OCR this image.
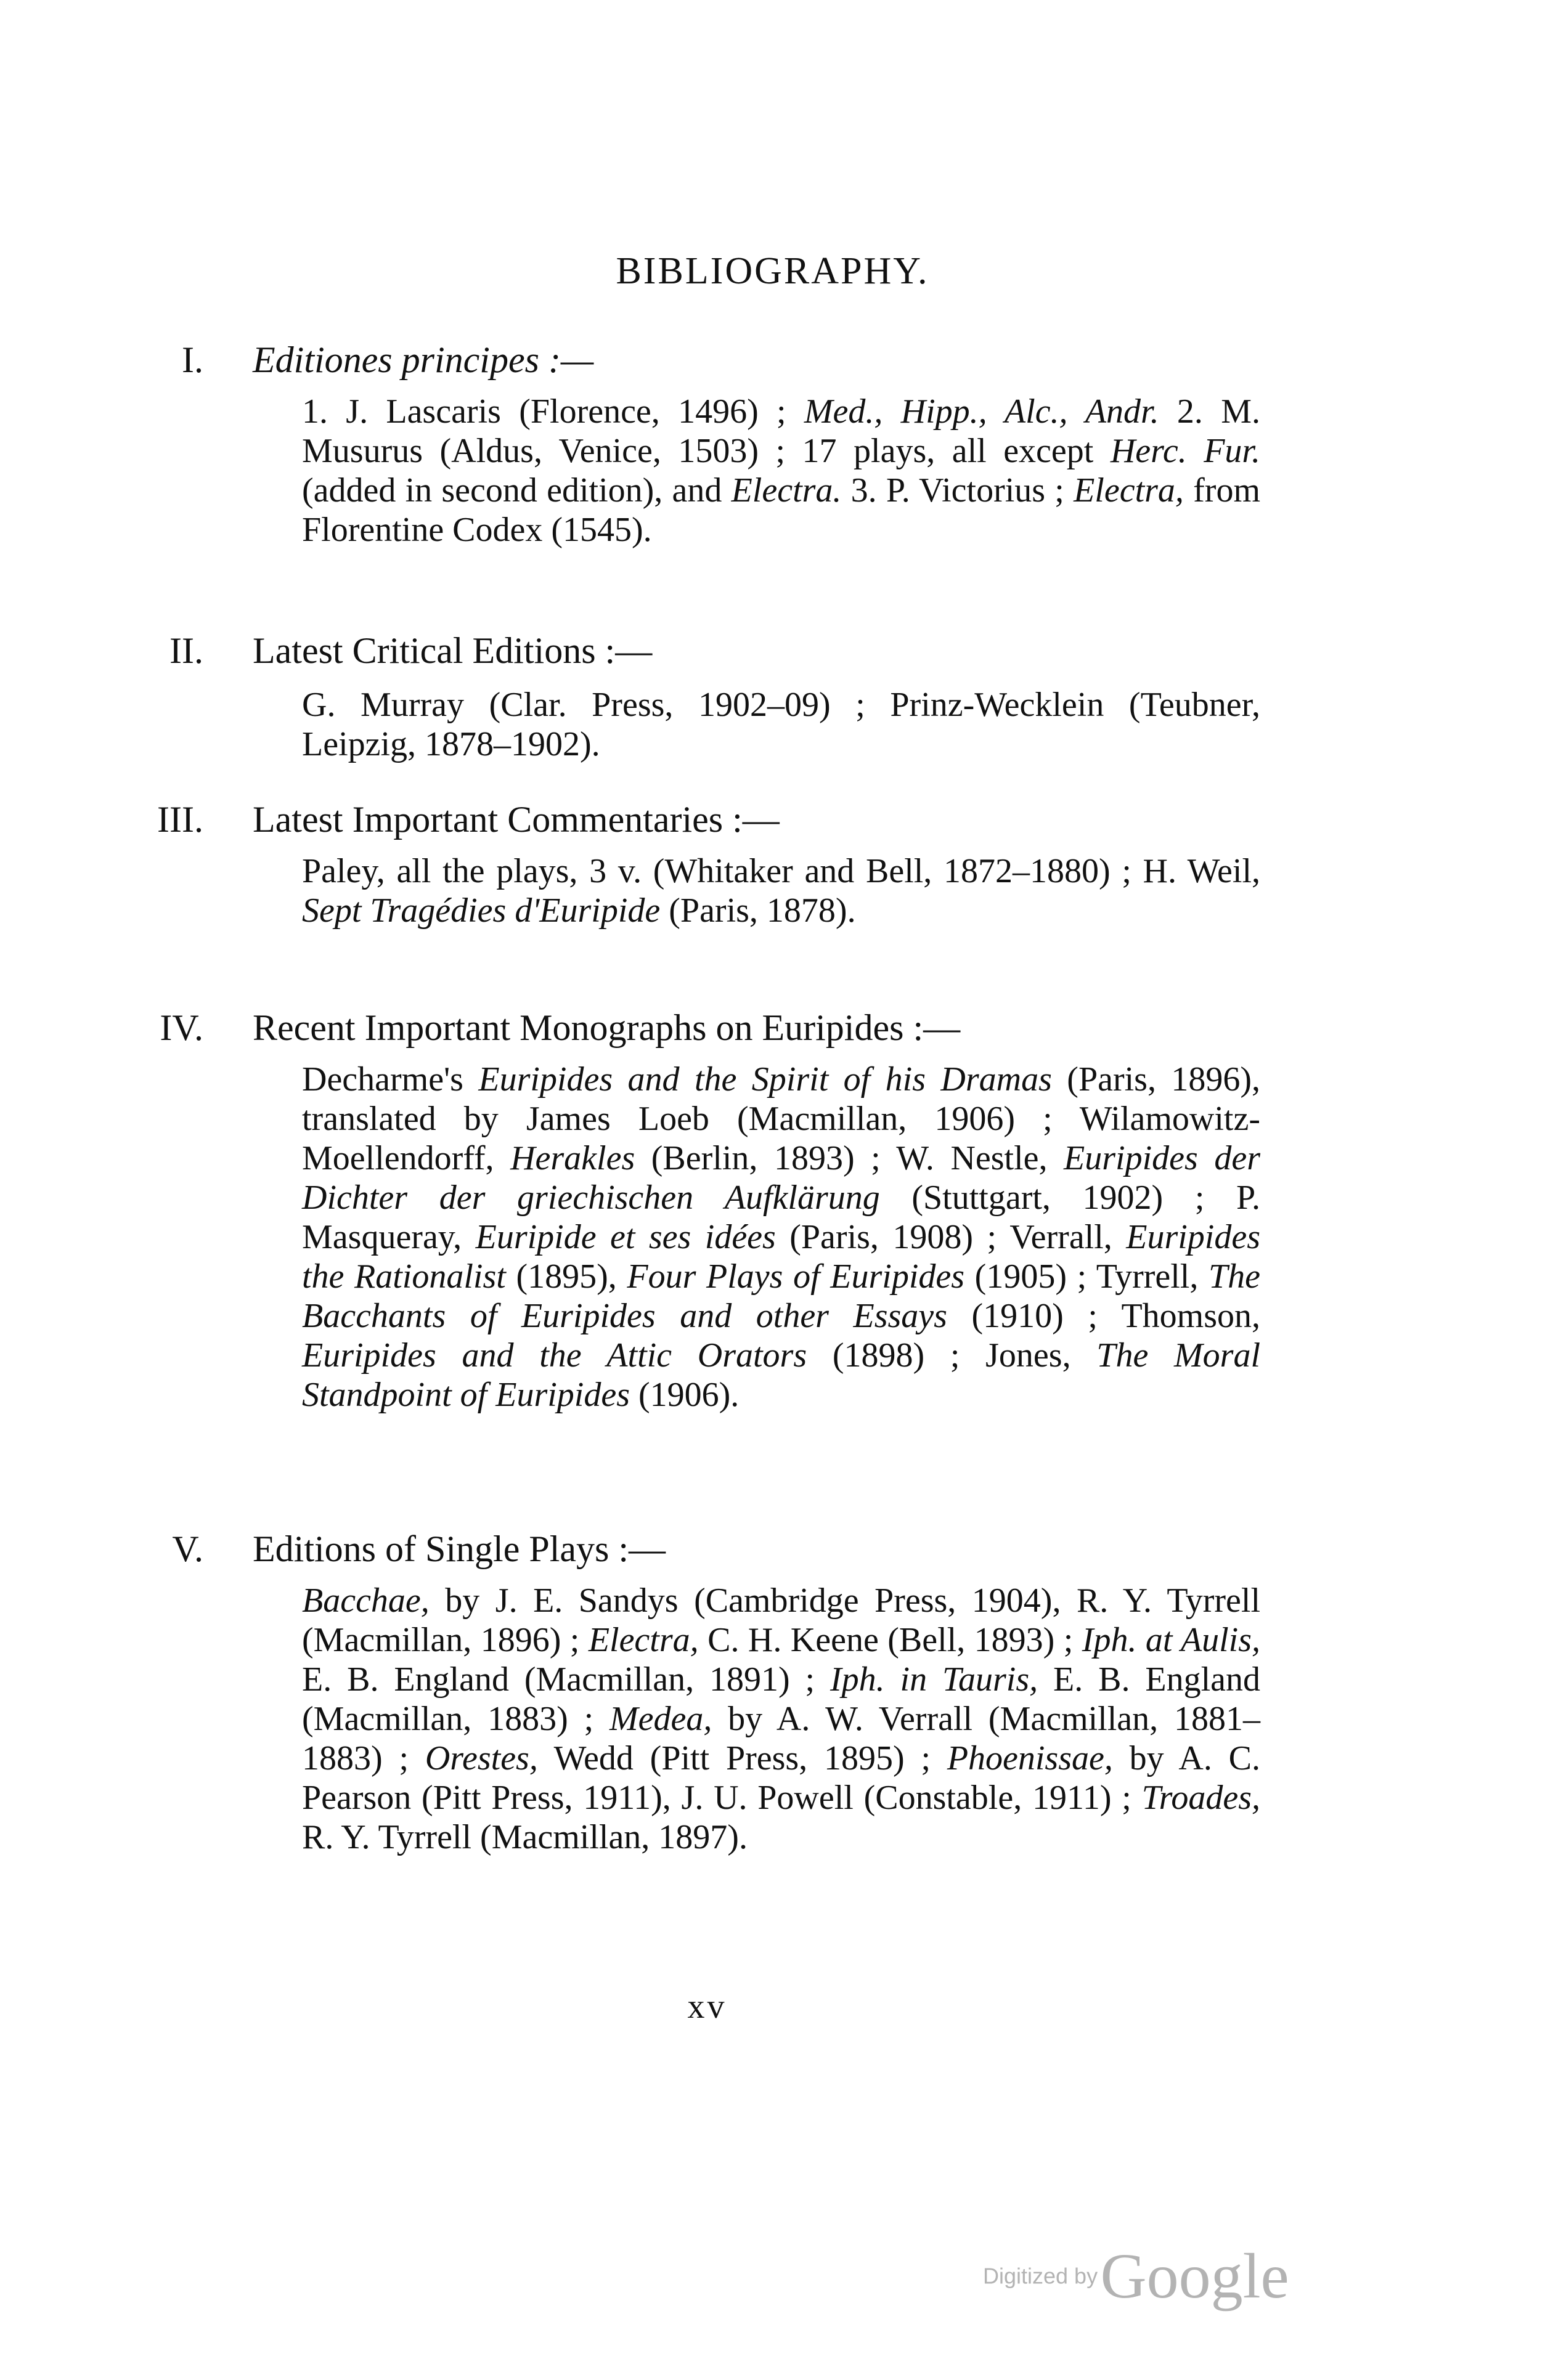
BIBLIOGRAPHY.
I. Editiones principes :—
1. J. Lascaris (Florence, 1496) ; Med., Hipp., Alc., Andr. 2. M. Musurus (Aldus, Venice, 1503) ; 17 plays, all except Herc. Fur. (added in second edition), and Electra. 3. P. Victorius ; Electra, from Florentine Codex (1545).
II. Latest Critical Editions :—
G. Murray (Clar. Press, 1902–09) ; Prinz-Wecklein (Teubner, Leipzig, 1878–1902).
III. Latest Important Commentaries :—
Paley, all the plays, 3 v. (Whitaker and Bell, 1872–1880) ; H. Weil, Sept Tragédies d'Euripide (Paris, 1878).
IV. Recent Important Monographs on Euripides :—
Decharme's Euripides and the Spirit of his Dramas (Paris, 1896), translated by James Loeb (Macmillan, 1906) ; Wilamowitz-Moellendorff, Herakles (Berlin, 1893) ; W. Nestle, Euripides der Dichter der griechischen Aufklärung (Stuttgart, 1902) ; P. Masqueray, Euripide et ses idées (Paris, 1908) ; Verrall, Euripides the Rationalist (1895), Four Plays of Euripides (1905) ; Tyrrell, The Bacchants of Euripides and other Essays (1910) ; Thomson, Euripides and the Attic Orators (1898) ; Jones, The Moral Standpoint of Euripides (1906).
V. Editions of Single Plays :—
Bacchae, by J. E. Sandys (Cambridge Press, 1904), R. Y. Tyrrell (Macmillan, 1896) ; Electra, C. H. Keene (Bell, 1893) ; Iph. at Aulis, E. B. England (Macmillan, 1891) ; Iph. in Tauris, E. B. England (Macmillan, 1883) ; Medea, by A. W. Verrall (Macmillan, 1881–1883) ; Orestes, Wedd (Pitt Press, 1895) ; Phoenissae, by A. C. Pearson (Pitt Press, 1911), J. U. Powell (Constable, 1911) ; Troades, R. Y. Tyrrell (Macmillan, 1897).
xv
Digitized by Google
